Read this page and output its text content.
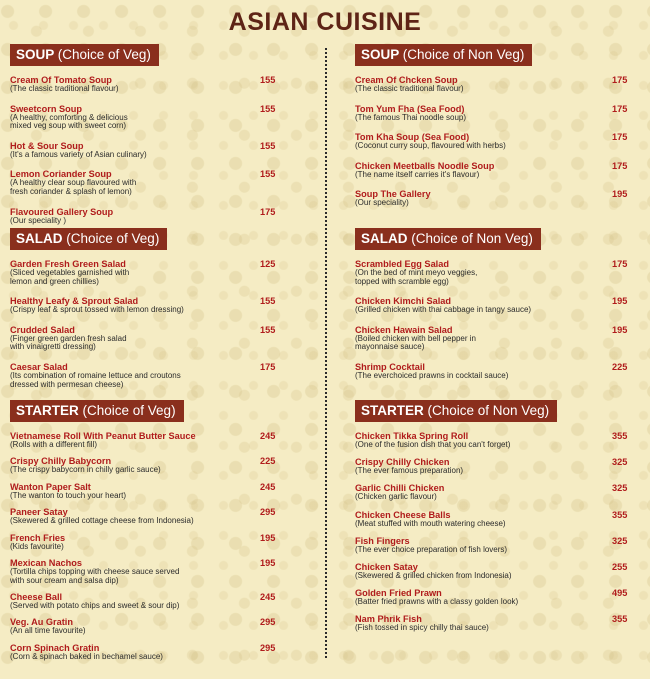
ASIAN CUISINE
SOUP (Choice of Veg)
Cream Of Tomato Soup
(The classic traditional flavour)
155
Sweetcorn Soup
(A healthy, comforting & delicious
mixed veg soup with sweet corn)
155
Hot & Sour Soup
(It's a famous variety of Asian culinary)
155
Lemon Coriander Soup
(A healthy clear soup flavoured with
fresh coriander & splash of lemon)
155
Flavoured Gallery Soup
(Our speciality )
175
SOUP (Choice of Non Veg)
Cream Of Chcken Soup
(The classic traditional flavour)
175
Tom Yum Fha (Sea Food)
(The famous Thai noodle soup)
175
Tom Kha Soup (Sea Food)
(Coconut curry soup, flavoured with herbs)
175
Chicken Meetballs Noodle Soup
(The name itself carries it's flavour)
175
Soup The Gallery
(Our speciality)
195
SALAD (Choice of Veg)
Garden Fresh Green Salad
(Sliced vegetables garnished with
lemon and green chillies)
125
Healthy Leafy & Sprout Salad
(Crispy leaf & sprout tossed with lemon dressing)
155
Crudded Salad
(Finger green garden fresh salad
with vinaigretti dressing)
155
Caesar Salad
(Its combination of romaine lettuce and croutons
dressed with permesan cheese)
175
SALAD (Choice of Non Veg)
Scrambled Egg Salad
(On the bed of mint meyo veggies,
topped with scramble egg)
175
Chicken Kimchi Salad
(Grilled chicken with thai cabbage in tangy sauce)
195
Chicken Hawain Salad
(Boiled chicken with bell pepper in
mayonnaise sauce)
195
Shrimp Cocktail
(The everchoiced prawns in cocktail sauce)
225
STARTER (Choice of Veg)
Vietnamese Roll With Peanut Butter Sauce
(Rolls with a different fill)
245
Crispy Chilly Babycorn
(The crispy babycorn in chilly garlic sauce)
225
Wanton Paper Salt
(The wanton to touch your heart)
245
Paneer Satay
(Skewered & grilled cottage cheese from Indonesia)
295
French Fries
(Kids favourite)
195
Mexican Nachos
(Tortilla chips topping with cheese sauce served
with sour cream and salsa dip)
195
Cheese Ball
(Served with potato chips and sweet & sour dip)
245
Veg. Au Gratin
(An all time favourite)
295
Corn Spinach Gratin
(Corn & spinach baked in bechamel sauce)
295
STARTER (Choice of Non Veg)
Chicken Tikka Spring Roll
(One of the fusion dish that you can't forget)
355
Crispy Chilly Chicken
(The ever famous preparation)
325
Garlic Chilli Chicken
(Chicken garlic flavour)
325
Chicken Cheese Balls
(Meat stuffed with mouth watering cheese)
355
Fish Fingers
(The ever choice preparation of fish lovers)
325
Chicken Satay
(Skewered & grilled chicken from Indonesia)
255
Golden Fried Prawn
(Batter fried prawns with a classy golden look)
495
Nam Phrik Fish
(Fish tossed in spicy chilly thai sauce)
355
